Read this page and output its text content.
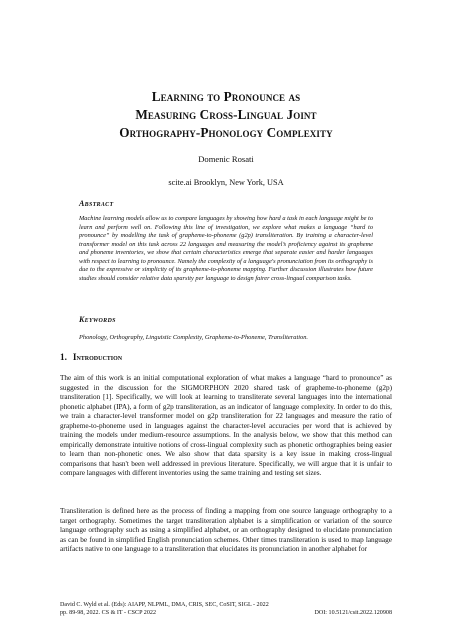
Learning to Pronounce as
Measuring Cross-Lingual Joint
Orthography-Phonology Complexity
Domenic Rosati
scite.ai Brooklyn, New York, USA
Abstract
Machine learning models allow us to compare languages by showing how hard a task in each language might be to learn and perform well on. Following this line of investigation, we explore what makes a language “hard to pronounce” by modelling the task of grapheme-to-phoneme (g2p) transliteration. By training a character-level transformer model on this task across 22 languages and measuring the model’s proficiency against its grapheme and phoneme inventories, we show that certain characteristics emerge that separate easier and harder languages with respect to learning to pronounce. Namely the complexity of a language's pronunciation from its orthography is due to the expressive or simplicity of its grapheme-to-phoneme mapping. Further discussion illustrates how future studies should consider relative data sparsity per language to design fairer cross-lingual comparison tasks.
Keywords
Phonology, Orthography, Linguistic Complexity, Grapheme-to-Phoneme, Transliteration.
1. Introduction
The aim of this work is an initial computational exploration of what makes a language “hard to pronounce” as suggested in the discussion for the SIGMORPHON 2020 shared task of grapheme-to-phoneme (g2p) transliteration [1]. Specifically, we will look at learning to transliterate several languages into the international phonetic alphabet (IPA), a form of g2p transliteration, as an indicator of language complexity. In order to do this, we train a character-level transformer model on g2p transliteration for 22 languages and measure the ratio of grapheme-to-phoneme used in languages against the character-level accuracies per word that is achieved by training the models under medium-resource assumptions. In the analysis below, we show that this method can empirically demonstrate intuitive notions of cross-lingual complexity such as phonetic orthographies being easier to learn than non-phonetic ones. We also show that data sparsity is a key issue in making cross-lingual comparisons that hasn't been well addressed in previous literature. Specifically, we will argue that it is unfair to compare languages with different inventories using the same training and testing set sizes.
Transliteration is defined here as the process of finding a mapping from one source language orthography to a target orthography. Sometimes the target transliteration alphabet is a simplification or variation of the source language orthography such as using a simplified alphabet, or an orthography designed to elucidate pronunciation as can be found in simplified English pronunciation schemes. Other times transliteration is used to map language artifacts native to one language to a transliteration that elucidates its pronunciation in another alphabet for
David C. Wyld et al. (Eds): AIAPP, NLPML, DMA, CRIS, SEC, CoSIT, SIGL - 2022
pp. 89-98, 2022. CS & IT - CSCP 2022	DOI: 10.5121/csit.2022.120908
